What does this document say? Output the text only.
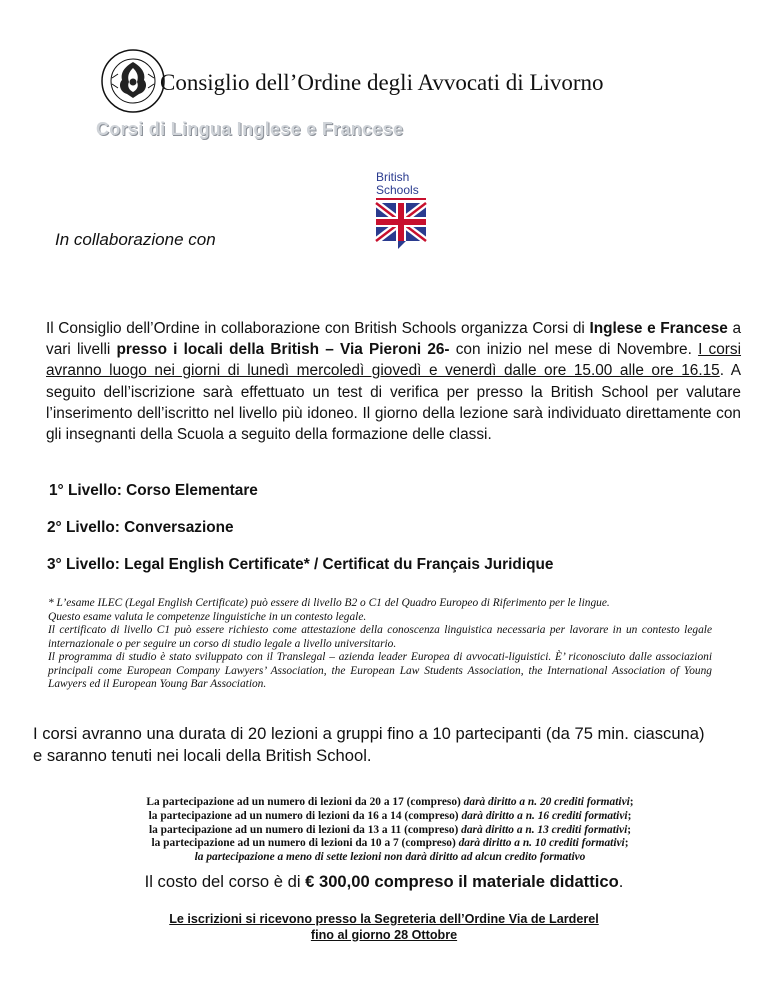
Consiglio dell’Ordine degli Avvocati di Livorno
Corsi di Lingua Inglese e Francese
British
Schools
In collaborazione con
Il Consiglio dell’Ordine in collaborazione con British Schools organizza Corsi di Inglese e Francese a vari livelli presso i locali della British – Via Pieroni 26- con inizio nel mese di Novembre. I corsi avranno luogo nei giorni di lunedì mercoledì giovedì e venerdì dalle ore 15.00 alle ore 16.15. A seguito dell’iscrizione sarà effettuato un test di verifica per presso la British School per valutare l’inserimento dell’iscritto nel livello più idoneo. Il giorno della lezione sarà individuato direttamente con gli insegnanti della Scuola a seguito della formazione delle classi.
1° Livello: Corso Elementare
2° Livello: Conversazione
3° Livello: Legal English Certificate* / Certificat du Français Juridique
* L’esame ILEC (Legal English Certificate) può essere di livello B2 o C1 del Quadro Europeo di Riferimento per le lingue.
Questo esame valuta le competenze linguistiche in un contesto legale.
Il certificato di livello C1 può essere richiesto come attestazione della conoscenza linguistica necessaria per lavorare in un contesto legale internazionale o per seguire un corso di studio legale a livello universitario.
Il programma di studio è stato sviluppato con il Translegal – azienda leader Europea di avvocati-liguistici. È’ riconosciuto dalle associazioni principali come European Company Lawyers’ Association, the European Law Students Association, the International Association of Young Lawyers ed il European Young Bar Association.
I corsi avranno una durata di 20 lezioni a gruppi fino a 10 partecipanti (da 75 min. ciascuna) e saranno tenuti nei locali della British School.
La partecipazione ad un numero di lezioni da 20 a 17 (compreso) darà diritto a n. 20 crediti formativi;
la partecipazione ad un numero di lezioni da 16 a 14 (compreso) darà diritto a n. 16 crediti formativi;
la partecipazione ad un numero di lezioni da 13 a 11 (compreso) darà diritto a n. 13 crediti formativi;
la partecipazione ad un numero di lezioni da 10 a 7 (compreso) darà diritto a n. 10 crediti formativi;
la partecipazione a meno di sette lezioni non darà diritto ad alcun credito formativo
Il costo del corso è di € 300,00 compreso il materiale didattico.
Le iscrizioni si ricevono presso la Segreteria dell’Ordine Via de Larderel
fino al giorno 28 Ottobre
